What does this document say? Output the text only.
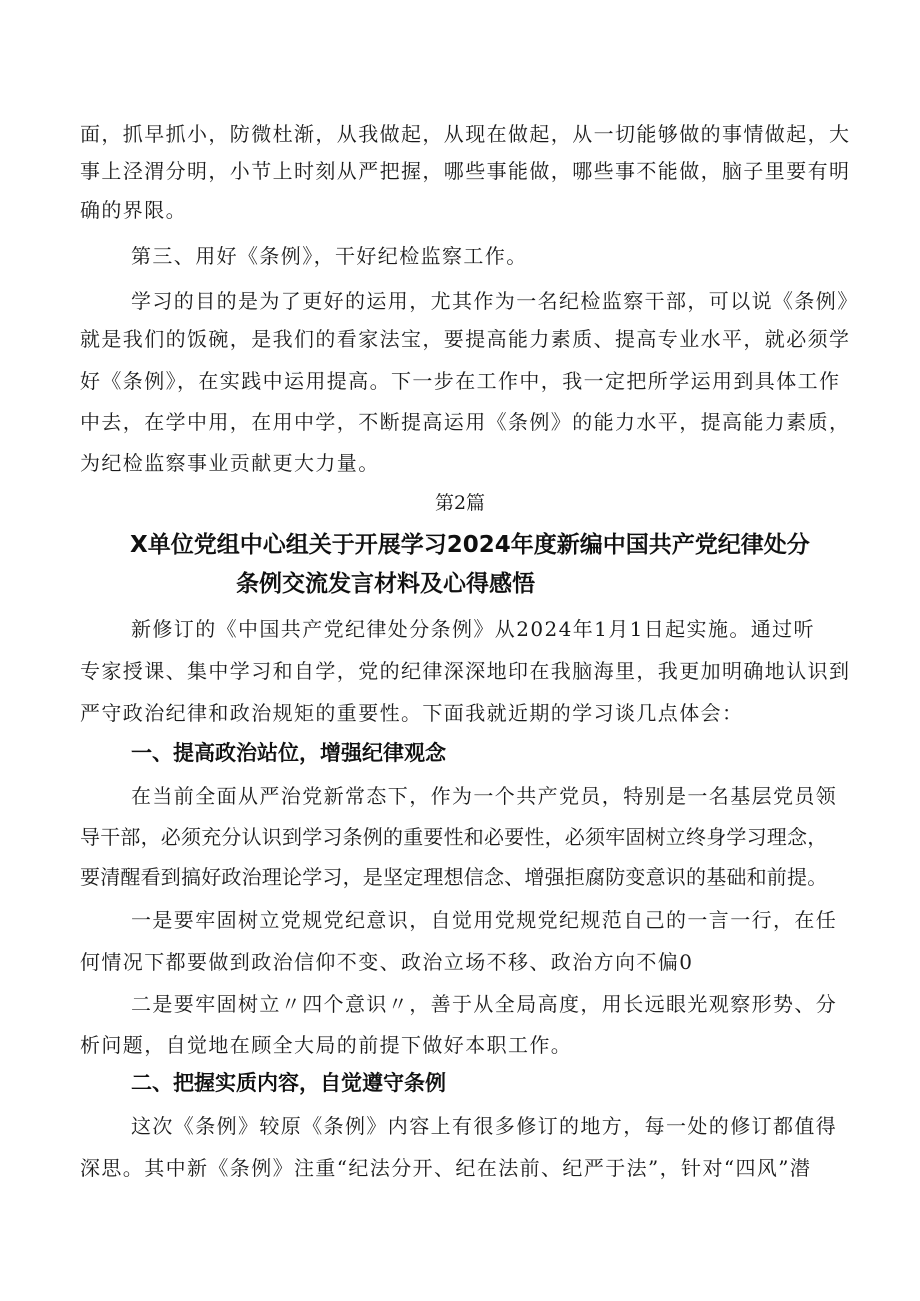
面，抓早抓小，防微杜渐，从我做起，从现在做起，从一切能够做的事情做起，大
事上泾渭分明，小节上时刻从严把握，哪些事能做，哪些事不能做，脑子里要有明
确的界限。
第三、用好《条例》，干好纪检监察工作。
学习的目的是为了更好的运用，尤其作为一名纪检监察干部，可以说《条例》
就是我们的饭碗，是我们的看家法宝，要提高能力素质、提高专业水平，就必须学
好《条例》，在实践中运用提高。下一步在工作中，我一定把所学运用到具体工作
中去，在学中用，在用中学，不断提高运用《条例》的能力水平，提高能力素质，
为纪检监察事业贡献更大力量。
第2篇
X单位党组中心组关于开展学习2024年度新编中国共产党纪律处分
条例交流发言材料及心得感悟
新修订的《中国共产党纪律处分条例》从2024年1月1日起实施。通过听
专家授课、集中学习和自学，党的纪律深深地印在我脑海里，我更加明确地认识到
严守政治纪律和政治规矩的重要性。下面我就近期的学习谈几点体会：
一、提高政治站位，增强纪律观念
在当前全面从严治党新常态下，作为一个共产党员，特别是一名基层党员领
导干部，必须充分认识到学习条例的重要性和必要性，必须牢固树立终身学习理念，
要清醒看到搞好政治理论学习，是坚定理想信念、增强拒腐防变意识的基础和前提。
一是要牢固树立党规党纪意识，自觉用党规党纪规范自己的一言一行，在任
何情况下都要做到政治信仰不变、政治立场不移、政治方向不偏0
二是要牢固树立〃四个意识〃，善于从全局高度，用长远眼光观察形势、分
析问题，自觉地在顾全大局的前提下做好本职工作。
二、把握实质内容，自觉遵守条例
这次《条例》较原《条例》内容上有很多修订的地方，每一处的修订都值得
深思。其中新《条例》注重“纪法分开、纪在法前、纪严于法”，针对“四风”潜
